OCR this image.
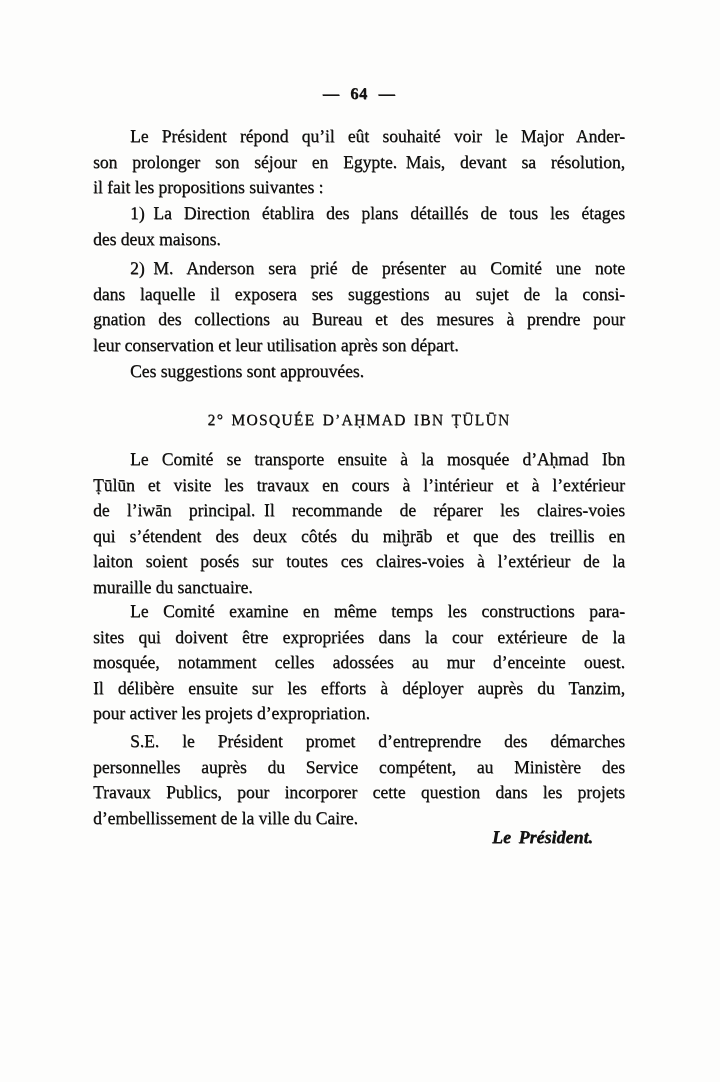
— 64 —
Le Président répond qu’il eût souhaité voir le Major Ander-
son prolonger son séjour en Egypte. Mais, devant sa résolution,
il fait les propositions suivantes :
1) La Direction établira des plans détaillés de tous les étages
des deux maisons.
2) M. Anderson sera prié de présenter au Comité une note
dans laquelle il exposera ses suggestions au sujet de la consi-
gnation des collections au Bureau et des mesures à prendre pour
leur conservation et leur utilisation après son départ.
Ces suggestions sont approuvées.
2° MOSQUÉE D’AḤMAD IBN ṬŪLŪN
Le Comité se transporte ensuite à la mosquée d’Aḥmad Ibn
Ṭūlūn et visite les travaux en cours à l’intérieur et à l’extérieur
de l’iwān principal. Il recommande de réparer les claires-voies
qui s’étendent des deux côtés du miḫrāb et que des treillis en
laiton soient posés sur toutes ces claires-voies à l’extérieur de la
muraille du sanctuaire.
Le Comité examine en même temps les constructions para-
sites qui doivent être expropriées dans la cour extérieure de la
mosquée, notamment celles adossées au mur d’enceinte ouest.
Il délibère ensuite sur les efforts à déployer auprès du Tanzim,
pour activer les projets d’expropriation.
S.E. le Président promet d’entreprendre des démarches
personnelles auprès du Service compétent, au Ministère des
Travaux Publics, pour incorporer cette question dans les projets
d’embellissement de la ville du Caire.
Le Président.
